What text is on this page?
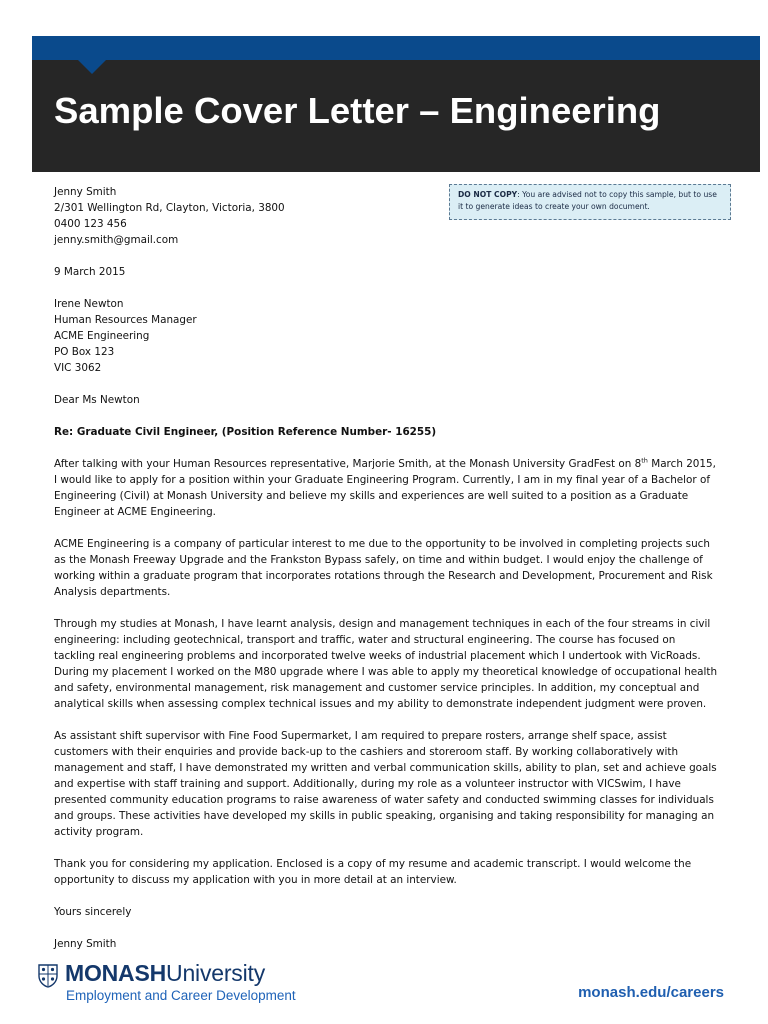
Sample Cover Letter – Engineering
DO NOT COPY: You are advised not to copy this sample, but to use it to generate ideas to create your own document.

Jenny Smith

2/301 Wellington Rd, Clayton, Victoria, 3800

0400 123 456

jenny.smith@gmail.com

9 March 2015

Irene Newton

Human Resources Manager

ACME Engineering

PO Box 123

VIC 3062

Dear Ms Newton

Re: Graduate Civil Engineer, (Position Reference Number- 16255)

After talking with your Human Resources representative, Marjorie Smith, at the Monash University GradFest on 8th March 2015, I would like to apply for a position within your Graduate Engineering Program. Currently, I am in my final year of a Bachelor of Engineering (Civil) at Monash University and believe my skills and experiences are well suited to a position as a Graduate Engineer at ACME Engineering.

ACME Engineering is a company of particular interest to me due to the opportunity to be involved in completing projects such as the Monash Freeway Upgrade and the Frankston Bypass safely, on time and within budget. I would enjoy the challenge of working within a graduate program that incorporates rotations through the Research and Development, Procurement and Risk Analysis departments.

Through my studies at Monash, I have learnt analysis, design and management techniques in each of the four streams in civil engineering: including geotechnical, transport and traffic, water and structural engineering. The course has focused on tackling real engineering problems and incorporated twelve weeks of industrial placement which I undertook with VicRoads. During my placement I worked on the M80 upgrade where I was able to apply my theoretical knowledge of occupational health and safety, environmental management, risk management and customer service principles. In addition, my conceptual and analytical skills when assessing complex technical issues and my ability to demonstrate independent judgment were proven.

As assistant shift supervisor with Fine Food Supermarket, I am required to prepare rosters, arrange shelf space, assist customers with their enquiries and provide back-up to the cashiers and storeroom staff. By working collaboratively with management and staff, I have demonstrated my written and verbal communication skills, ability to plan, set and achieve goals and expertise with staff training and support. Additionally, during my role as a volunteer instructor with VICSwim, I have presented community education programs to raise awareness of water safety and conducted swimming classes for individuals and groups. These activities have developed my skills in public speaking, organising and taking responsibility for managing an activity program.

Thank you for considering my application. Enclosed is a copy of my resume and academic transcript. I would welcome the opportunity to discuss my application with you in more detail at an interview.

Yours sincerely

Jenny Smith

MONASHUniversity
Employment and Career Development	monash.edu/careers
